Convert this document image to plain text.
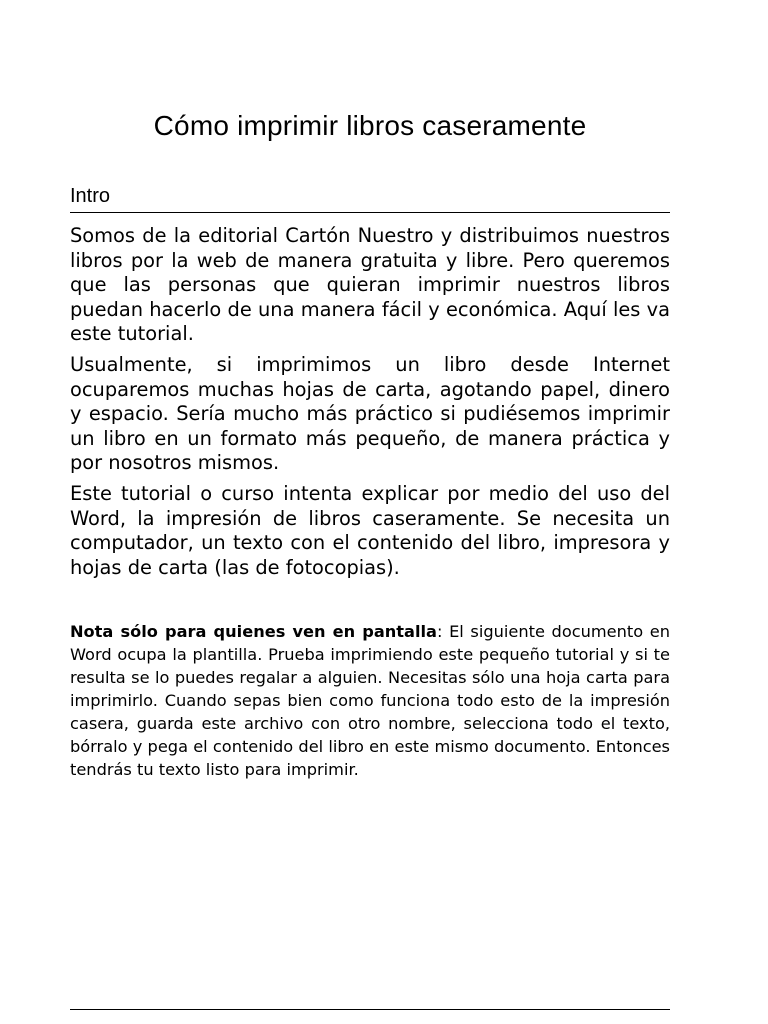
Cómo imprimir libros caseramente
Intro

Somos de la editorial Cartón Nuestro y distribuimos nuestros libros por la web de manera gratuita y libre. Pero queremos que las personas que quieran imprimir nuestros libros puedan hacerlo de una manera fácil y económica. Aquí les va este tutorial.

Usualmente, si imprimimos un libro desde Internet ocuparemos muchas hojas de carta, agotando papel, dinero y espacio. Sería mucho más práctico si pudiésemos imprimir un libro en un formato más pequeño, de manera práctica y por nosotros mismos.

Este tutorial o curso intenta explicar por medio del uso del Word, la impresión de libros caseramente. Se necesita un computador, un texto con el contenido del libro, impresora y hojas de carta (las de fotocopias).

Nota sólo para quienes ven en pantalla: El siguiente documento en Word ocupa la plantilla. Prueba imprimiendo este pequeño tutorial y si te resulta se lo puedes regalar a alguien. Necesitas sólo una hoja carta para imprimirlo. Cuando sepas bien como funciona todo esto de la impresión casera, guarda este archivo con otro nombre, selecciona todo el texto, bórralo y pega el contenido del libro en este mismo documento. Entonces tendrás tu texto listo para imprimir.
